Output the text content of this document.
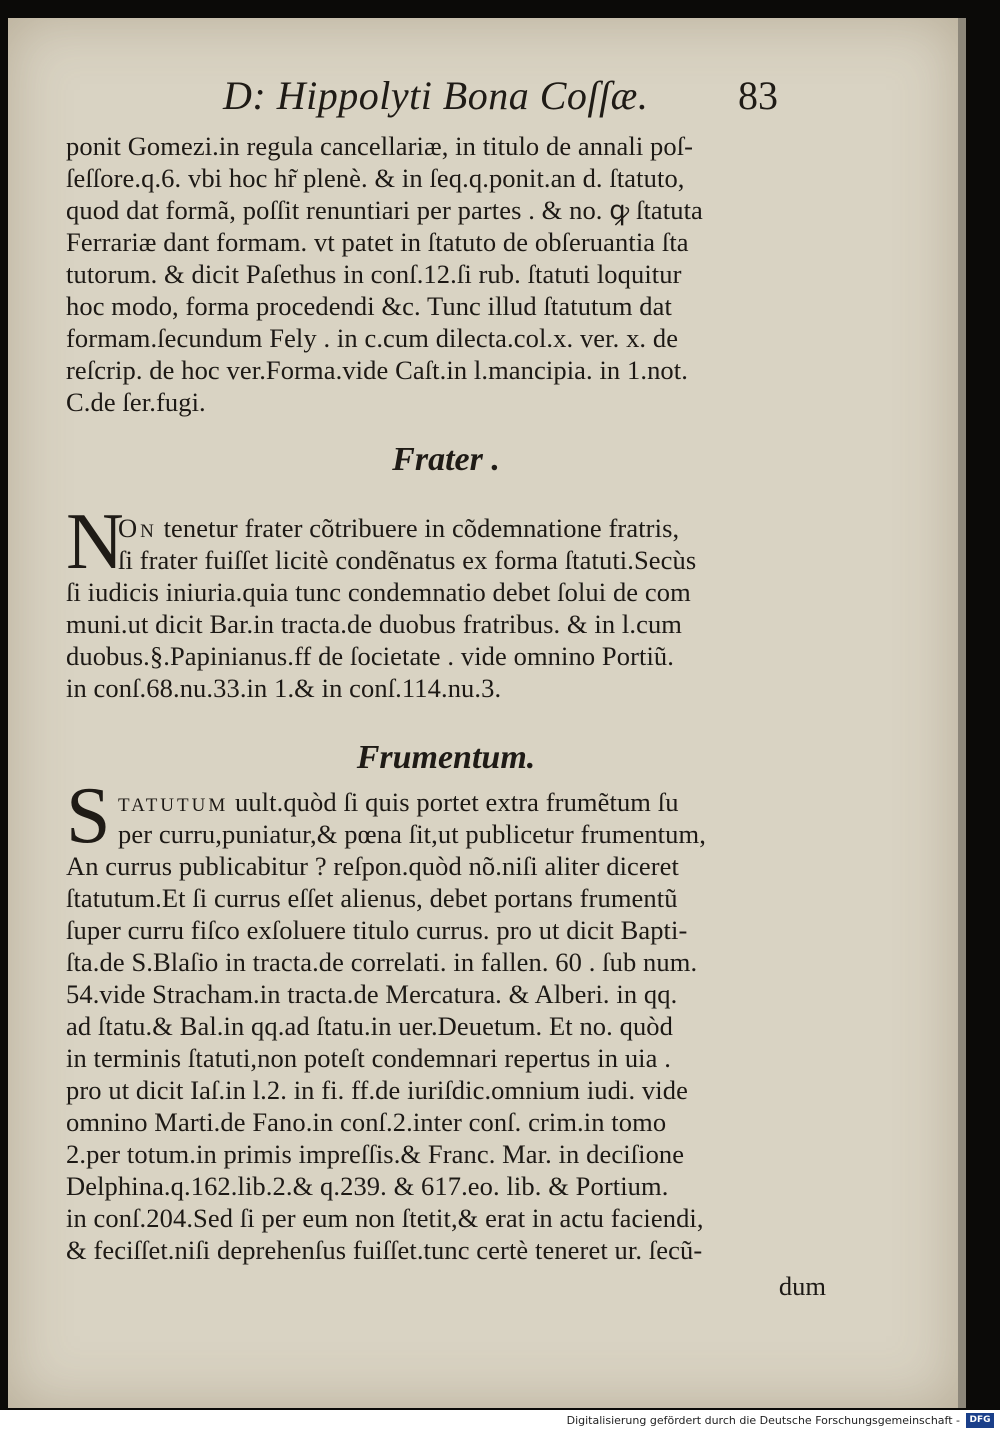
D: Hippolyti Bona Coſſæ. 83
ponit Gomezi.in regula cancellariæ, in titulo de annali poſ-
ſeſſore.q.6. vbi hoc hr̃ plenè. & in ſeq.q.ponit.an d. ſtatuto,
quod dat formã, poſſit renuntiari per partes . & no. ꝙ ſtatuta
Ferrariæ dant formam. vt patet in ſtatuto de obſeruantia ſta
tutorum. & dicit Paſethus in conſ.12.ſi rub. ſtatuti loquitur
hoc modo, forma procedendi &c. Tunc illud ſtatutum dat
formam.ſecundum Fely . in c.cum dilecta.col.x. ver. x. de
reſcrip. de hoc ver.Forma.vide Caſt.in l.mancipia. in 1.not.
C.de ſer.fugi.
Frater .
N
On tenetur frater cõtribuere in cõdemnatione fratris,
ſi frater fuiſſet licitè condẽnatus ex forma ſtatuti.Secùs
ſi iudicis iniuria.quia tunc condemnatio debet ſolui de com
muni.ut dicit Bar.in tracta.de duobus fratribus. & in l.cum
duobus.§.Papinianus.ff de ſocietate . vide omnino Portiũ.
in conſ.68.nu.33.in 1.& in conſ.114.nu.3.
Frumentum.
S tatutum uult.quòd ſi quis portet extra frumẽtum ſu
per curru,puniatur,& pœna ſit,ut publicetur frumentum,
An currus publicabitur ? reſpon.quòd nõ.niſi aliter diceret
ſtatutum.Et ſi currus eſſet alienus, debet portans frumentũ
ſuper curru fiſco exſoluere titulo currus. pro ut dicit Bapti-
ſta.de S.Blaſio in tracta.de correlati. in fallen. 60 . ſub num.
54.vide Stracham.in tracta.de Mercatura. & Alberi. in qq.
ad ſtatu.& Bal.in qq.ad ſtatu.in uer.Deuetum. Et no. quòd
in terminis ſtatuti,non poteſt condemnari repertus in uia .
pro ut dicit Iaſ.in l.2. in fi. ff.de iuriſdic.omnium iudi. vide
omnino Marti.de Fano.in conſ.2.inter conſ. crim.in tomo
2.per totum.in primis impreſſis.& Franc. Mar. in deciſione
Delphina.q.162.lib.2.& q.239. & 617.eo. lib. & Portium.
in conſ.204.Sed ſi per eum non ſtetit,& erat in actu faciendi,
& feciſſet.niſi deprehenſus fuiſſet.tunc certè teneret ur. ſecũ-
dum
Digitalisierung gefördert durch die Deutsche Forschungsgemeinschaft -	DFG
